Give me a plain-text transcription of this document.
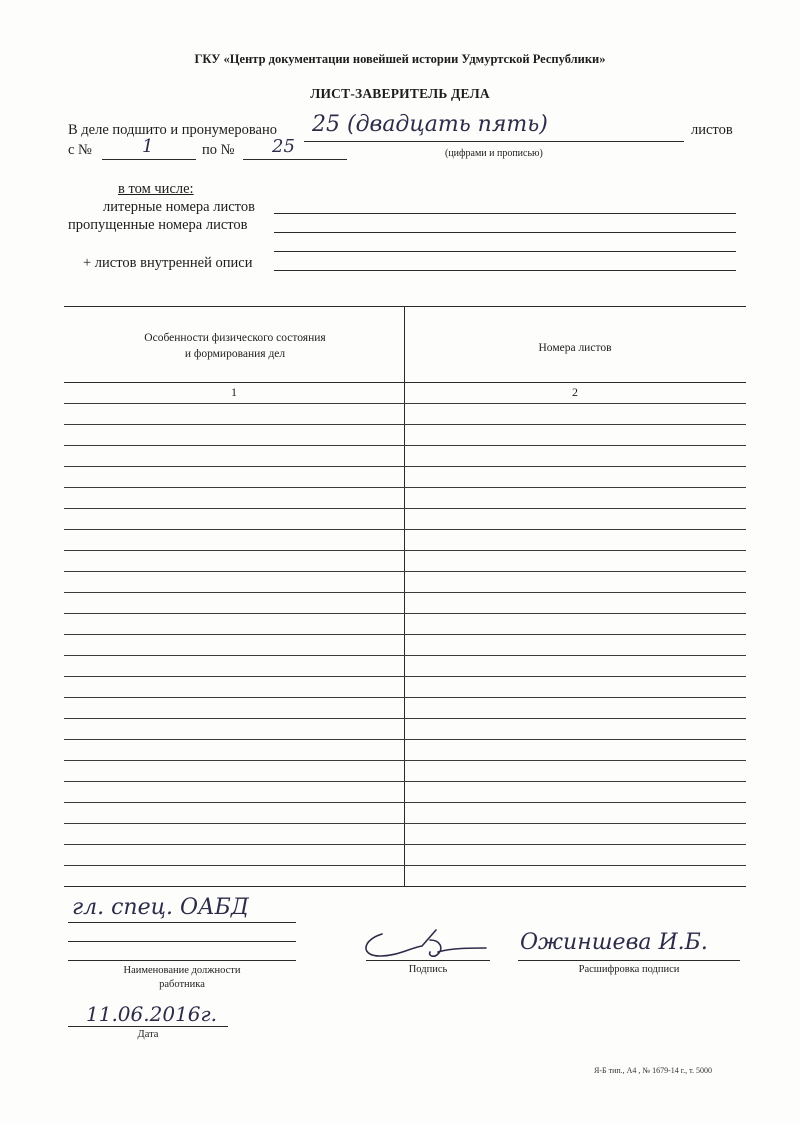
ГКУ «Центр документации новейшей истории Удмуртской Республики»
ЛИСТ-ЗАВЕРИТЕЛЬ ДЕЛА
В деле подшито и пронумеровано 25 (двадцать пять)	листов
с №	1	по № 25	(цифрами и прописью)
в том числе:
литерные номера листов
пропущенные номера листов
+ листов внутренней описи
Особенности физического состояния
и формирования дел	Номера листов
1	2
гл. спец. ОАБД
Наименование должности
работника
Подпись
Ожиншева И.Б.
Расшифровка подписи
11.06.2016г.
Дата
Я-Б тип., А4 , № 1679-14 г., т. 5000
